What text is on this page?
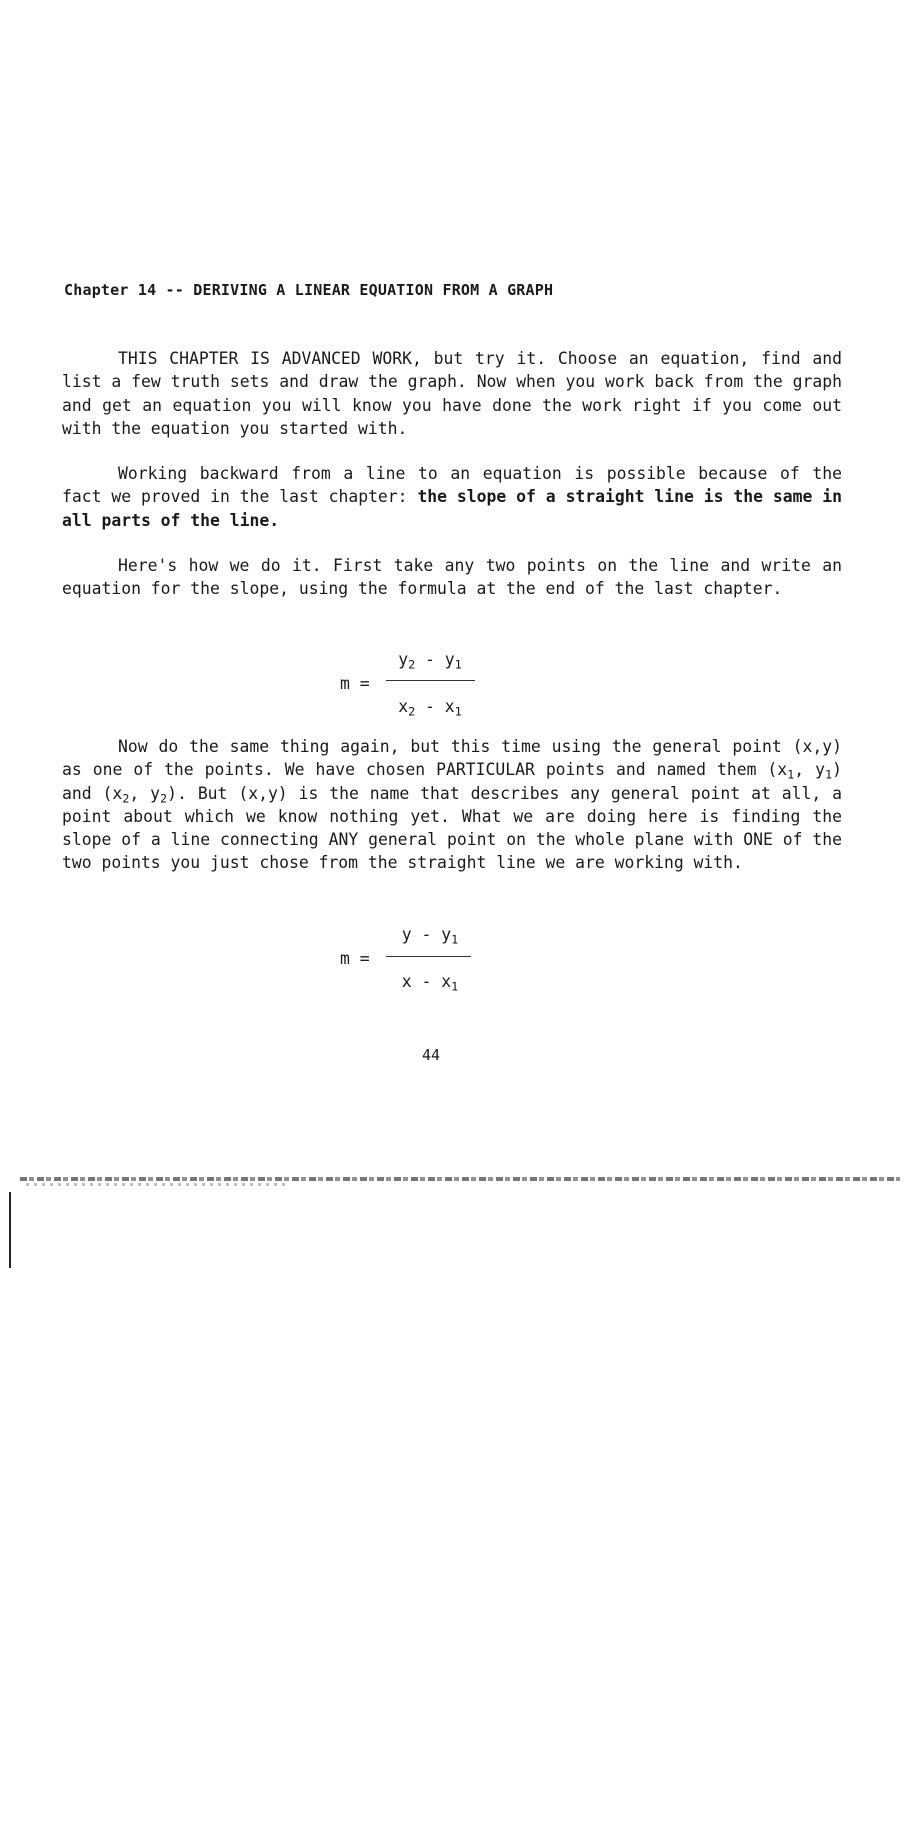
Chapter 14 -- DERIVING A LINEAR EQUATION FROM A GRAPH

THIS CHAPTER IS ADVANCED WORK, but try it. Choose an equation, find and list a few truth sets and draw the graph. Now when you work back from the graph and get an equation you will know you have done the work right if you come out with the equation you started with.

Working backward from a line to an equation is possible because of the fact we proved in the last chapter: the slope of a straight line is the same in all parts of the line.

Here's how we do it. First take any two points on the line and write an equation for the slope, using the formula at the end of the last chapter.

m =
$y_2 - y_1$
$x_2 - x_1$

Now do the same thing again, but this time using the general point (x,y) as one of the points. We have chosen PARTICULAR points and named them ($x_1$, $y_1$) and ($x_2$, $y_2$). But (x,y) is the name that describes any general point at all, a point about which we know nothing yet. What we are doing here is finding the slope of a line connecting ANY general point on the whole plane with ONE of the two points you just chose from the straight line we are working with.

m =
y - $y_1$
x - $x_1$
44
